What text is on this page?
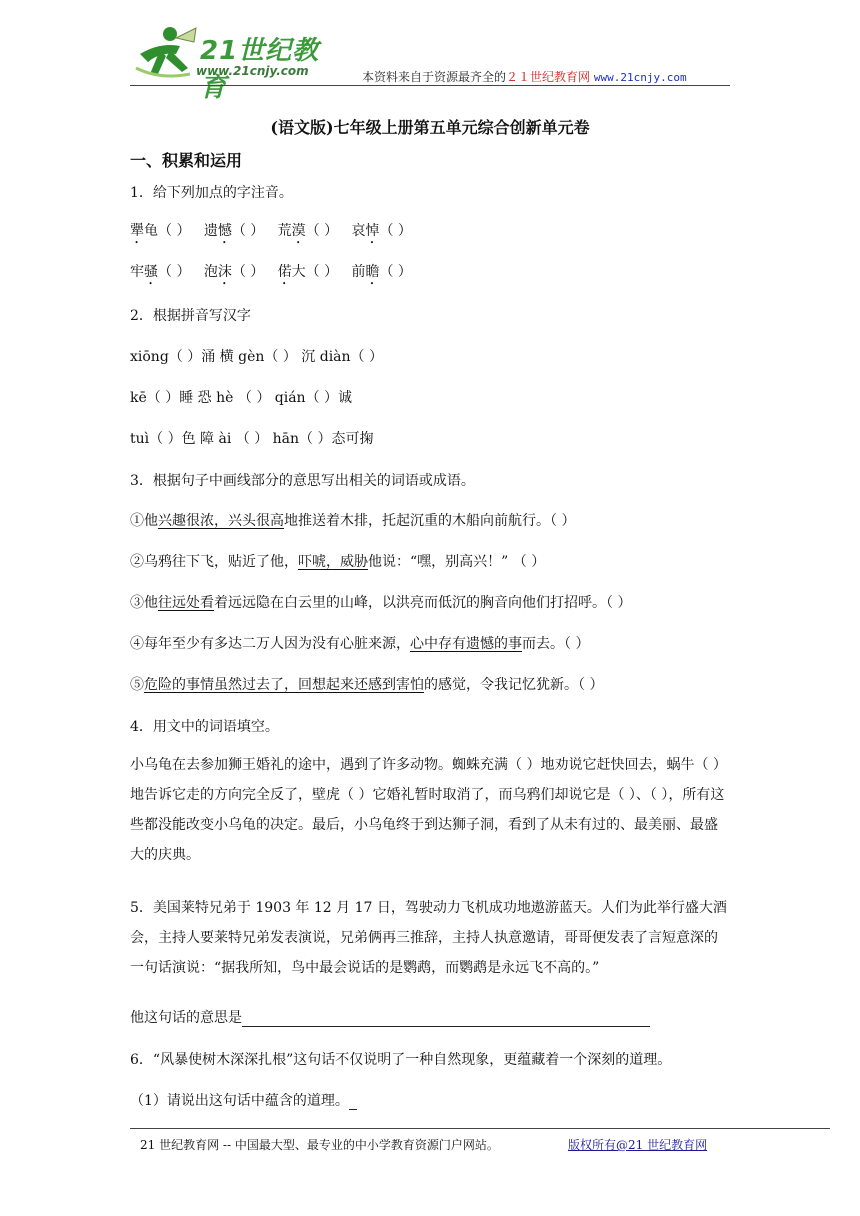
21世纪教育
www.21cnjy.com	本资料来自于资源最齐全的２１世纪教育网 www.21cnjy.com
(语文版)七年级上册第五单元综合创新单元卷
一、积累和运用
1．给下列加点的字注音。
犟龟（ ） 遗憾（ ） 荒漠（ ） 哀悼（ ）
牢骚（ ） 泡沫（ ） 偌大（ ） 前瞻（ ）
2．根据拼音写汉字
xiōng（ ）涌 横 gèn（ ） 沉 diàn（ ）
kē（ ）睡 恐 hè （ ） qián（ ）诚
tuì（ ）色 障 ài （ ） hān（ ）态可掬
3．根据句子中画线部分的意思写出相关的词语或成语。
①他兴趣很浓，兴头很高地推送着木排，托起沉重的木船向前航行。（ ）
②乌鸦往下飞，贴近了他，吓唬，威胁他说：“嘿，别高兴！” （ ）
③他往远处看着远远隐在白云里的山峰，以洪亮而低沉的胸音向他们打招呼。（ ）
④每年至少有多达二万人因为没有心脏来源，心中存有遗憾的事而去。（ ）
⑤危险的事情虽然过去了，回想起来还感到害怕的感觉，令我记忆犹新。（ ）
4．用文中的词语填空。
小乌龟在去参加狮王婚礼的途中，遇到了许多动物。蜘蛛充满（ ）地劝说它赶快回去，蜗牛（ ）地告诉它走的方向完全反了，壁虎（ ）它婚礼暂时取消了，而乌鸦们却说它是（ ）、（ ），所有这些都没能改变小乌龟的决定。最后，小乌龟终于到达狮子洞，看到了从未有过的、最美丽、最盛大的庆典。
5．美国莱特兄弟于 1903 年 12 月 17 日，驾驶动力飞机成功地遨游蓝天。人们为此举行盛大酒会，主持人要莱特兄弟发表演说，兄弟俩再三推辞，主持人执意邀请，哥哥便发表了言短意深的一句话演说：“据我所知，鸟中最会说话的是鹦鹉，而鹦鹉是永远飞不高的。”
他这句话的意思是
6．“风暴使树木深深扎根”这句话不仅说明了一种自然现象，更蕴藏着一个深刻的道理。
（1）请说出这句话中蕴含的道理。
21 世纪教育网 -- 中国最大型、最专业的中小学教育资源门户网站。	版权所有@21 世纪教育网
